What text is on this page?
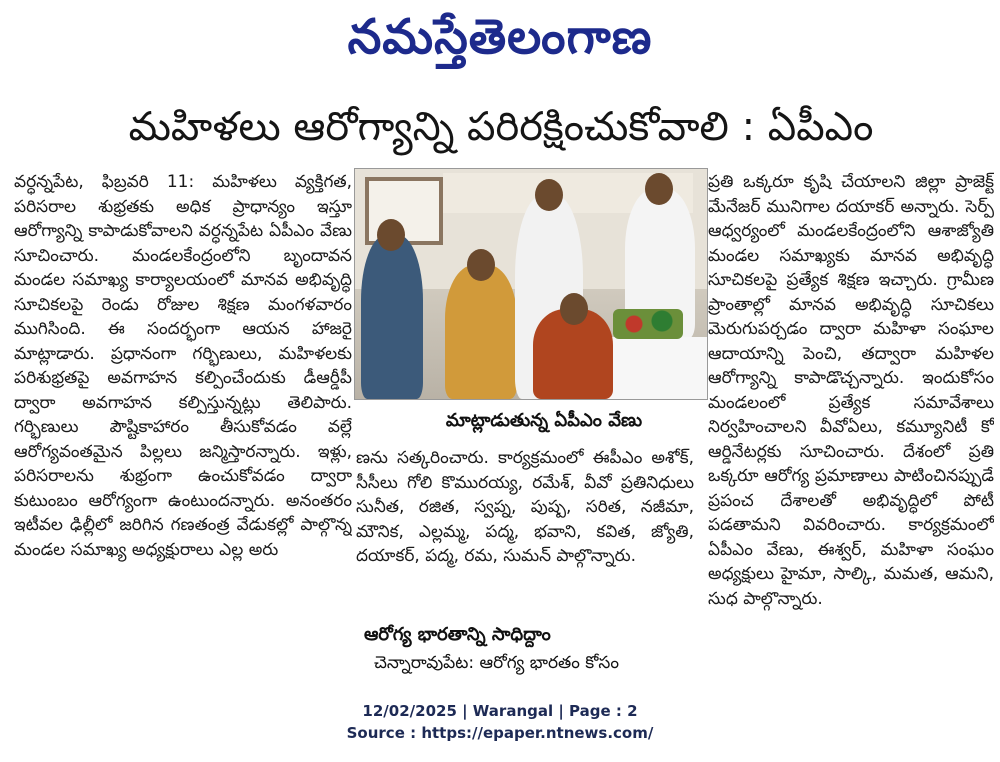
నమస్తేతెలంగాణ
మహిళలు ఆరోగ్యాన్ని పరిరక్షించుకోవాలి : ఏపీఎం

వర్ధన్నపేట, ఫిబ్రవరి 11: మహిళలు వ్యక్తిగత, పరిసరాల శుభ్రతకు అధిక ప్రాధాన్యం ఇస్తూ ఆరోగ్యాన్ని కాపాడుకోవాలని వర్ధన్నపేట ఏపీఎం వేణు సూచించారు. మండలకేంద్రంలోని బృందావన మండల సమాఖ్య కార్యాలయంలో మానవ అభివృద్ధి సూచికలపై రెండు రోజుల శిక్షణ మంగళవారం ముగిసింది. ఈ సందర్భంగా ఆయన హాజరై మాట్లాడారు. ప్రధానంగా గర్భిణులు, మహిళలకు పరిశుభ్రతపై అవగాహన కల్పించేందుకు డీఆర్డీపీ ద్వారా అవగాహన కల్పిస్తున్నట్లు తెలిపారు. గర్భిణులు పౌష్టికాహారం తీసుకోవడం వల్లే ఆరోగ్యవంతమైన పిల్లలు జన్మిస్తారన్నారు. ఇళ్లు, పరిసరాలను శుభ్రంగా ఉంచుకోవడం ద్వారా కుటుంబం ఆరోగ్యంగా ఉంటుందన్నారు. అనంతరం ఇటీవల ఢిల్లీలో జరిగిన గణతంత్ర వేడుకల్లో పాల్గొన్న మండల సమాఖ్య అధ్యక్షురాలు ఎల్ల అరు

మాట్లాడుతున్న ఏపీఎం వేణు

ణను సత్కరించారు. కార్యక్రమంలో ఈపీఎం అశోక్, సీసీలు గోలి కొమురయ్య, రమేశ్, వీవో ప్రతినిధులు సునీత, రజిత, స్వప్న, పుష్ప, సరిత, నజీమా, మౌనిక, ఎల్లమ్మ, పద్మ, భవాని, కవిత, జ్యోతి, దయాకర్, పద్మ, రమ, సుమన్ పాల్గొన్నారు.

ఆరోగ్య భారతాన్ని సాధిద్దాం
చెన్నారావుపేట: ఆరోగ్య భారతం కోసం

ప్రతి ఒక్కరూ కృషి చేయాలని జిల్లా ప్రాజెక్ట్ మేనేజర్ మునిగాల దయాకర్ అన్నారు. సెర్ప్ ఆధ్వర్యంలో మండలకేంద్రంలోని ఆశాజ్యోతి మండల సమాఖ్యకు మానవ అభివృద్ధి సూచికలపై ప్రత్యేక శిక్షణ ఇచ్చారు. గ్రామీణ ప్రాంతాల్లో మానవ అభివృద్ధి సూచికలు మెరుగుపర్చడం ద్వారా మహిళా సంఘాల ఆదాయాన్ని పెంచి, తద్వారా మహిళల ఆరోగ్యాన్ని కాపాడొచ్చన్నారు. ఇందుకోసం మండలంలో ప్రత్యేక సమావేశాలు నిర్వహించాలని వీవోఏలు, కమ్యూనిటీ కో ఆర్డినేటర్లకు సూచించారు. దేశంలో ప్రతి ఒక్కరూ ఆరోగ్య ప్రమాణాలు పాటించినప్పుడే ప్రపంచ దేశాలతో అభివృద్ధిలో పోటీ పడతామని వివరించారు. కార్యక్రమంలో ఏపీఎం వేణు, ఈశ్వర్, మహిళా సంఘం అధ్యక్షులు హైమా, సాల్కి, మమత, ఆమని, సుధ పాల్గొన్నారు.

12/02/2025 | Warangal | Page : 2
Source : https://epaper.ntnews.com/
